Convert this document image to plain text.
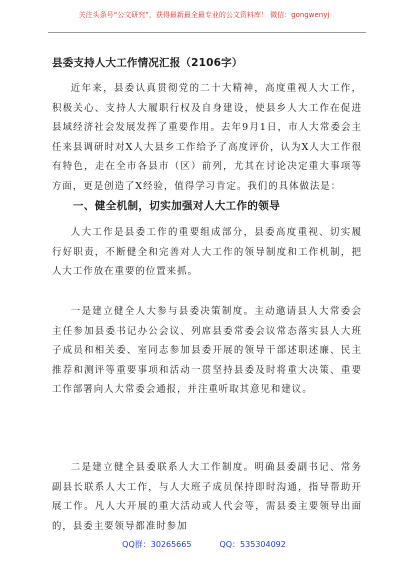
关注头条号“公文研究”，获得最新最全最专业的公文资料库！ 微信：gongwenyj
县委支持人大工作情况汇报（2106字）

近年来，县委认真贯彻党的二十大精神，高度重视人大工作，积极关心、支持人大履职行权及自身建设，使县乡人大工作在促进县域经济社会发展发挥了重要作用。去年9月1日，市人大常委会主任来县调研时对X人大县乡工作给予了高度评价，认为X人大工作很有特色，走在全市各县市（区）前列，尤其在讨论决定重大事项等方面，更是创造了X经验，值得学习肯定。我们的具体做法是：

一、健全机制，切实加强对人大工作的领导

人大工作是县委工作的重要组成部分，县委高度重视、切实履行好职责，不断健全和完善对人大工作的领导制度和工作机制，把人大工作放在重要的位置来抓。

一是建立健全人大参与县委决策制度。主动邀请县人大常委会主任参加县委书记办公会议、列席县委常委会议常态落实县人大班子成员和相关委、室同志参加县委开展的领导干部述职述廉、民主推荐和测评等重要事项和活动一贯坚持县委及时将重大决策、重要工作部署向人大常委会通报，并注重听取其意见和建议。

二是建立健全县委联系人大工作制度。明确县委副书记、常务副县长联系人大工作，与人大班子成员保持即时沟通，指导帮助开展工作。凡人大开展的重大活动或人代会等，需县委主要领导出面的，县委主要领导都准时参加

QQ群：30265665	QQ：535304092
